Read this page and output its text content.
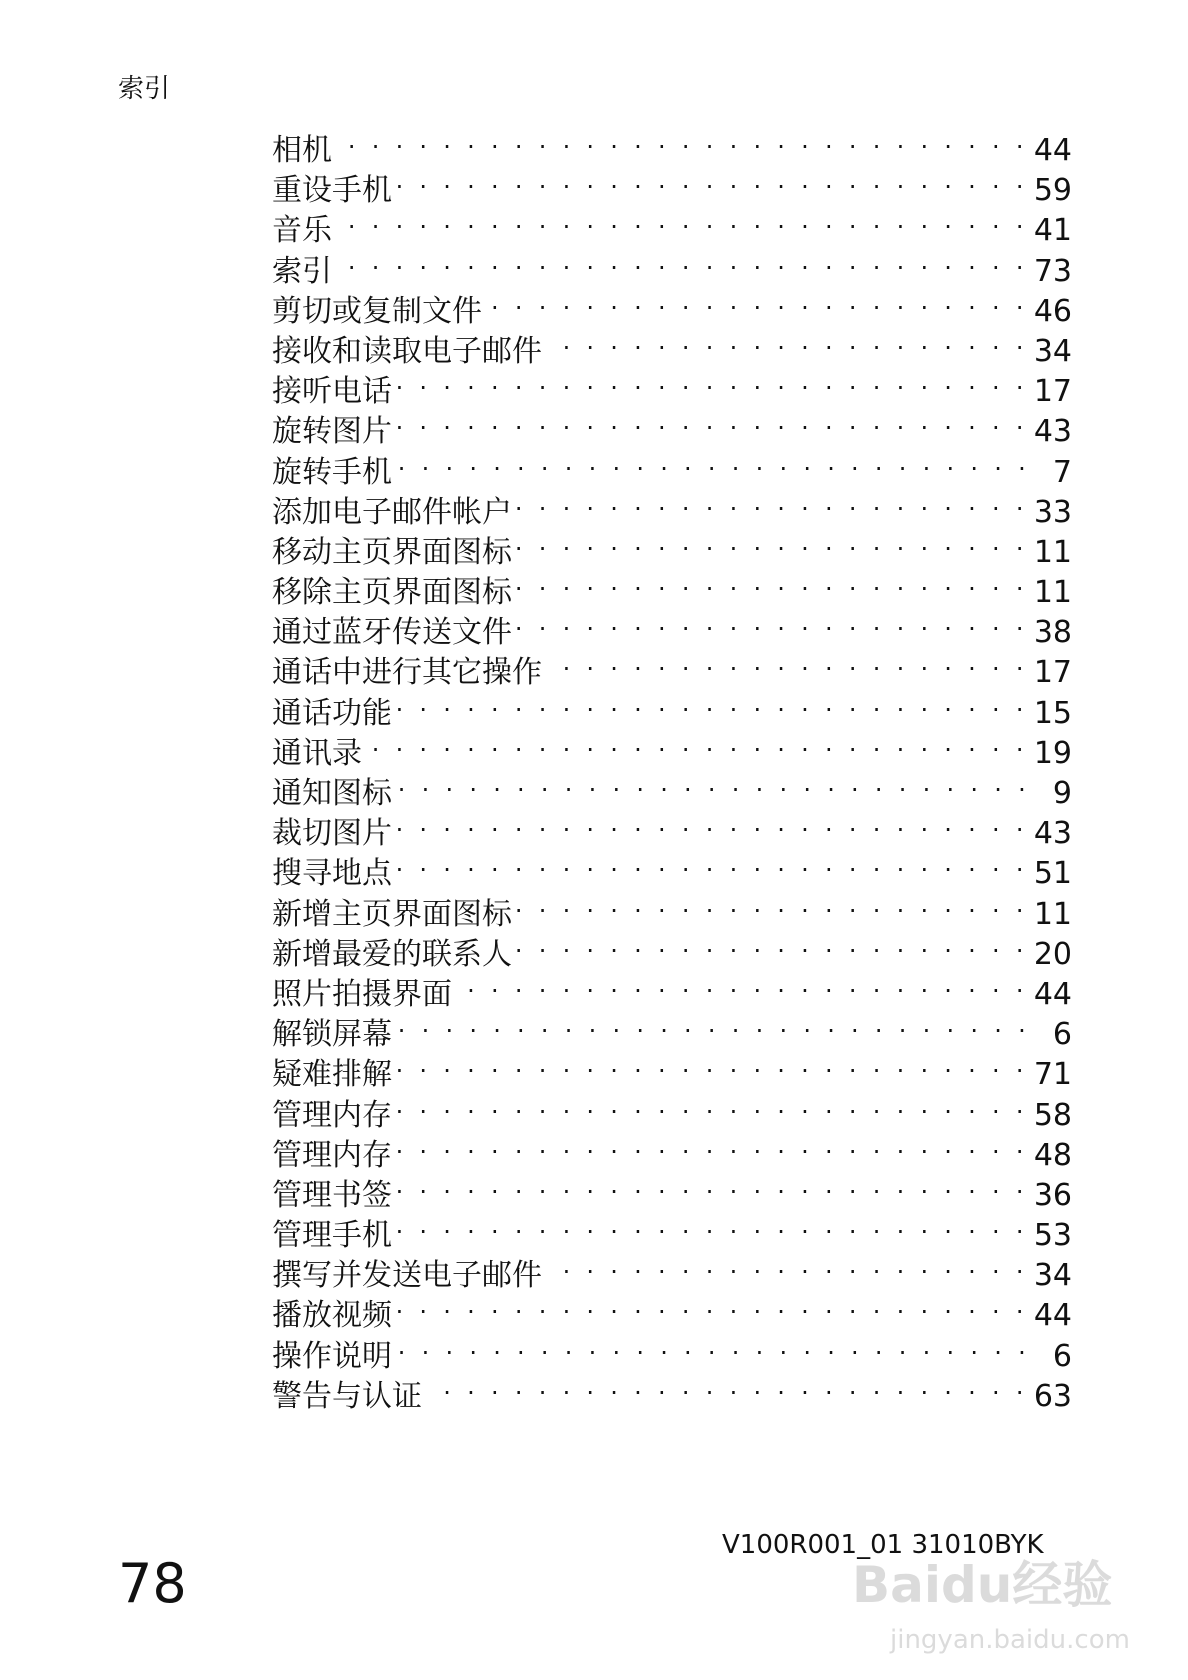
索引
相机 . . .	44
重设手机 . . .	59
音乐 . . .	41
索引 . . .	73
剪切或复制文件 . . .	46
接收和读取电子邮件 . . .	34
接听电话 . . .	17
旋转图片 . . .	43
旋转手机 . . .	7
添加电子邮件帐户 . . .	33
移动主页界面图标 . . .	11
移除主页界面图标 . . .	11
通过蓝牙传送文件 . . .	38
通话中进行其它操作 . . .	17
通话功能 . . .	15
通讯录 . . .	19
通知图标 . . .	9
裁切图片 . . .	43
搜寻地点 . . .	51
新增主页界面图标 . . .	11
新增最爱的联系人 . . .	20
照片拍摄界面 . . .	44
解锁屏幕 . . .	6
疑难排解 . . .	71
管理内存 . . .	58
管理内存 . . .	48
管理书签 . . .	36
管理手机 . . .	53
撰写并发送电子邮件 . . .	34
播放视频 . . .	44
操作说明 . . .	6
警告与认证 . . .	63
V100R001_01 31010BYK
78	Baidu经验
jingyan.baidu.com
